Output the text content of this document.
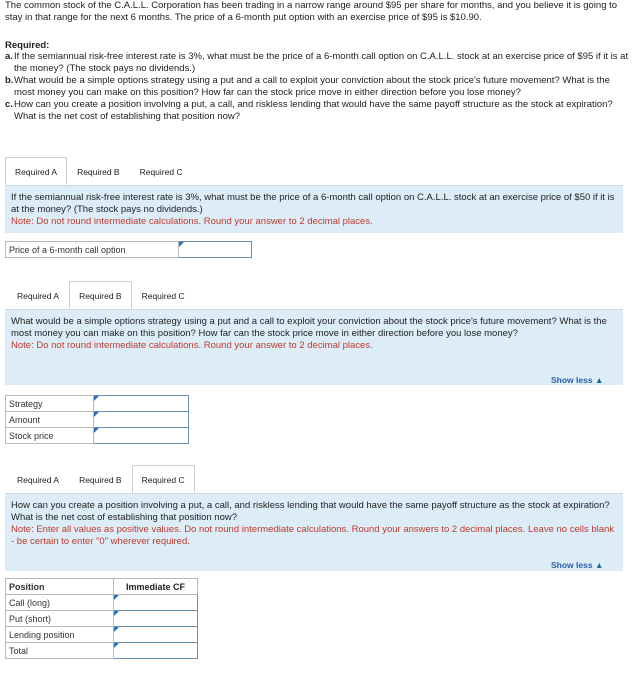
The common stock of the C.A.L.L. Corporation has been trading in a narrow range around $95 per share for months, and you believe it is going to stay in that range for the next 6 months. The price of a 6-month put option with an exercise price of $95 is $10.90.
Required:
a. If the semiannual risk-free interest rate is 3%, what must be the price of a 6-month call option on C.A.L.L. stock at an exercise price of $95 if it is at the money? (The stock pays no dividends.)
b. What would be a simple options strategy using a put and a call to exploit your conviction about the stock price's future movement? What is the most money you can make on this position? How far can the stock price move in either direction before you lose money?
c. How can you create a position involving a put, a call, and riskless lending that would have the same payoff structure as the stock at expiration? What is the net cost of establishing that position now?
Required A	Required B	Required C
If the semiannual risk-free interest rate is 3%, what must be the price of a 6-month call option on C.A.L.L. stock at an exercise price of $50 if it is at the money? (The stock pays no dividends.)
Note: Do not round intermediate calculations. Round your answer to 2 decimal places.
Price of a 6-month call option	
Required A	Required B	Required C
What would be a simple options strategy using a put and a call to exploit your conviction about the stock price's future movement? What is the most money you can make on this position? How far can the stock price move in either direction before you lose money?
Note: Do not round intermediate calculations. Round your answer to 2 decimal places.
Show less ▲
Strategy	
Amount	
Stock price	
Required A	Required B	Required C
How can you create a position involving a put, a call, and riskless lending that would have the same payoff structure as the stock at expiration? What is the net cost of establishing that position now?
Note: Enter all values as positive values. Do not round intermediate calculations. Round your answers to 2 decimal places. Leave no cells blank - be certain to enter "0" wherever required.
Show less ▲
Position	Immediate CF
Call (long)	
Put (short)	
Lending position	
Total	
